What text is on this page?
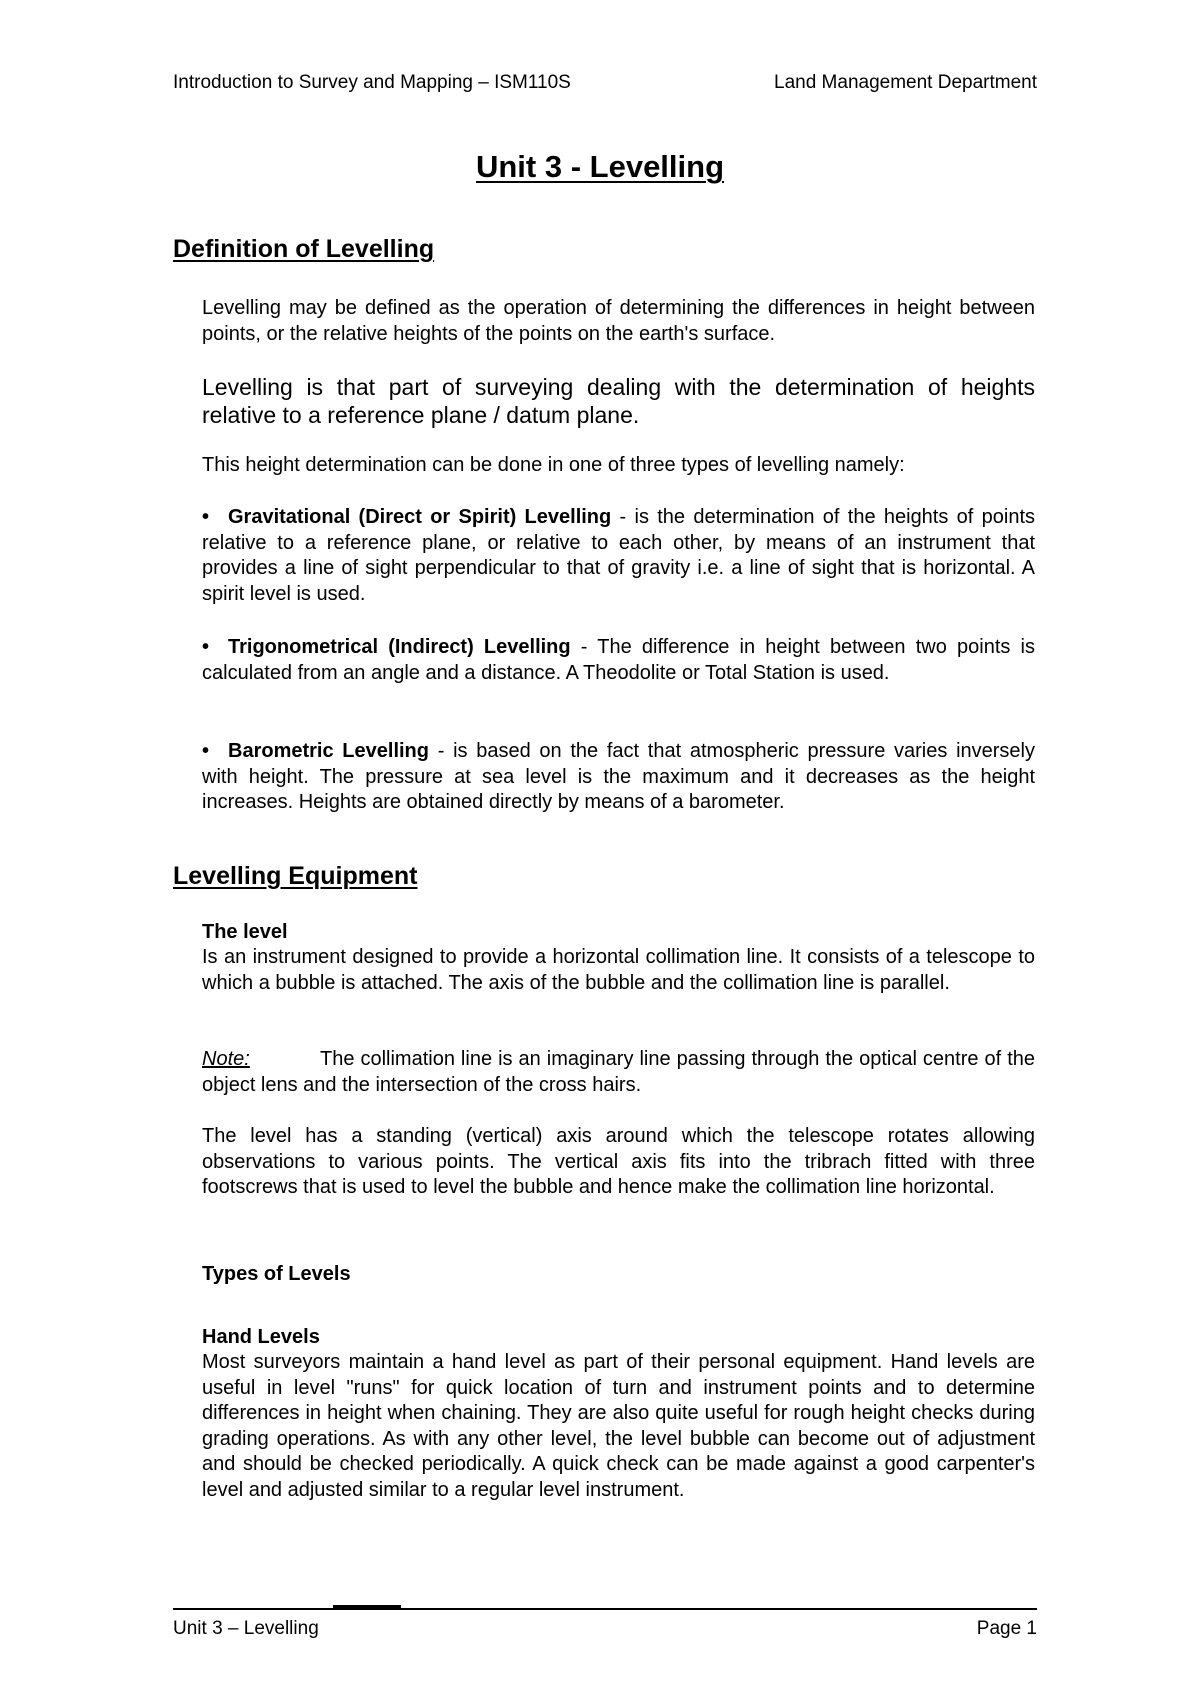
Introduction to Survey and Mapping – ISM110S	Land Management Department
Unit 3 - Levelling
Definition of Levelling

Levelling may be defined as the operation of determining the differences in height between points, or the relative heights of the points on the earth's surface.

Levelling is that part of surveying dealing with the determination of heights relative to a reference plane / datum plane.

This height determination can be done in one of three types of levelling namely:

• Gravitational (Direct or Spirit) Levelling - is the determination of the heights of points relative to a reference plane, or relative to each other, by means of an instrument that provides a line of sight perpendicular to that of gravity i.e. a line of sight that is horizontal. A spirit level is used.

• Trigonometrical (Indirect) Levelling - The difference in height between two points is calculated from an angle and a distance. A Theodolite or Total Station is used.

• Barometric Levelling - is based on the fact that atmospheric pressure varies inversely with height. The pressure at sea level is the maximum and it decreases as the height increases. Heights are obtained directly by means of a barometer.

Levelling Equipment
The level

Is an instrument designed to provide a horizontal collimation line. It consists of a telescope to which a bubble is attached. The axis of the bubble and the collimation line is parallel.

Note:	The collimation line is an imaginary line passing through the optical centre of the object lens and the intersection of the cross hairs.

The level has a standing (vertical) axis around which the telescope rotates allowing observations to various points. The vertical axis fits into the tribrach fitted with three footscrews that is used to level the bubble and hence make the collimation line horizontal.

Types of Levels
Hand Levels

Most surveyors maintain a hand level as part of their personal equipment. Hand levels are useful in level "runs" for quick location of turn and instrument points and to determine differences in height when chaining. They are also quite useful for rough height checks during grading operations. As with any other level, the level bubble can become out of adjustment and should be checked periodically. A quick check can be made against a good carpenter's level and adjusted similar to a regular level instrument.

Unit 3 – Levelling	Page 1
